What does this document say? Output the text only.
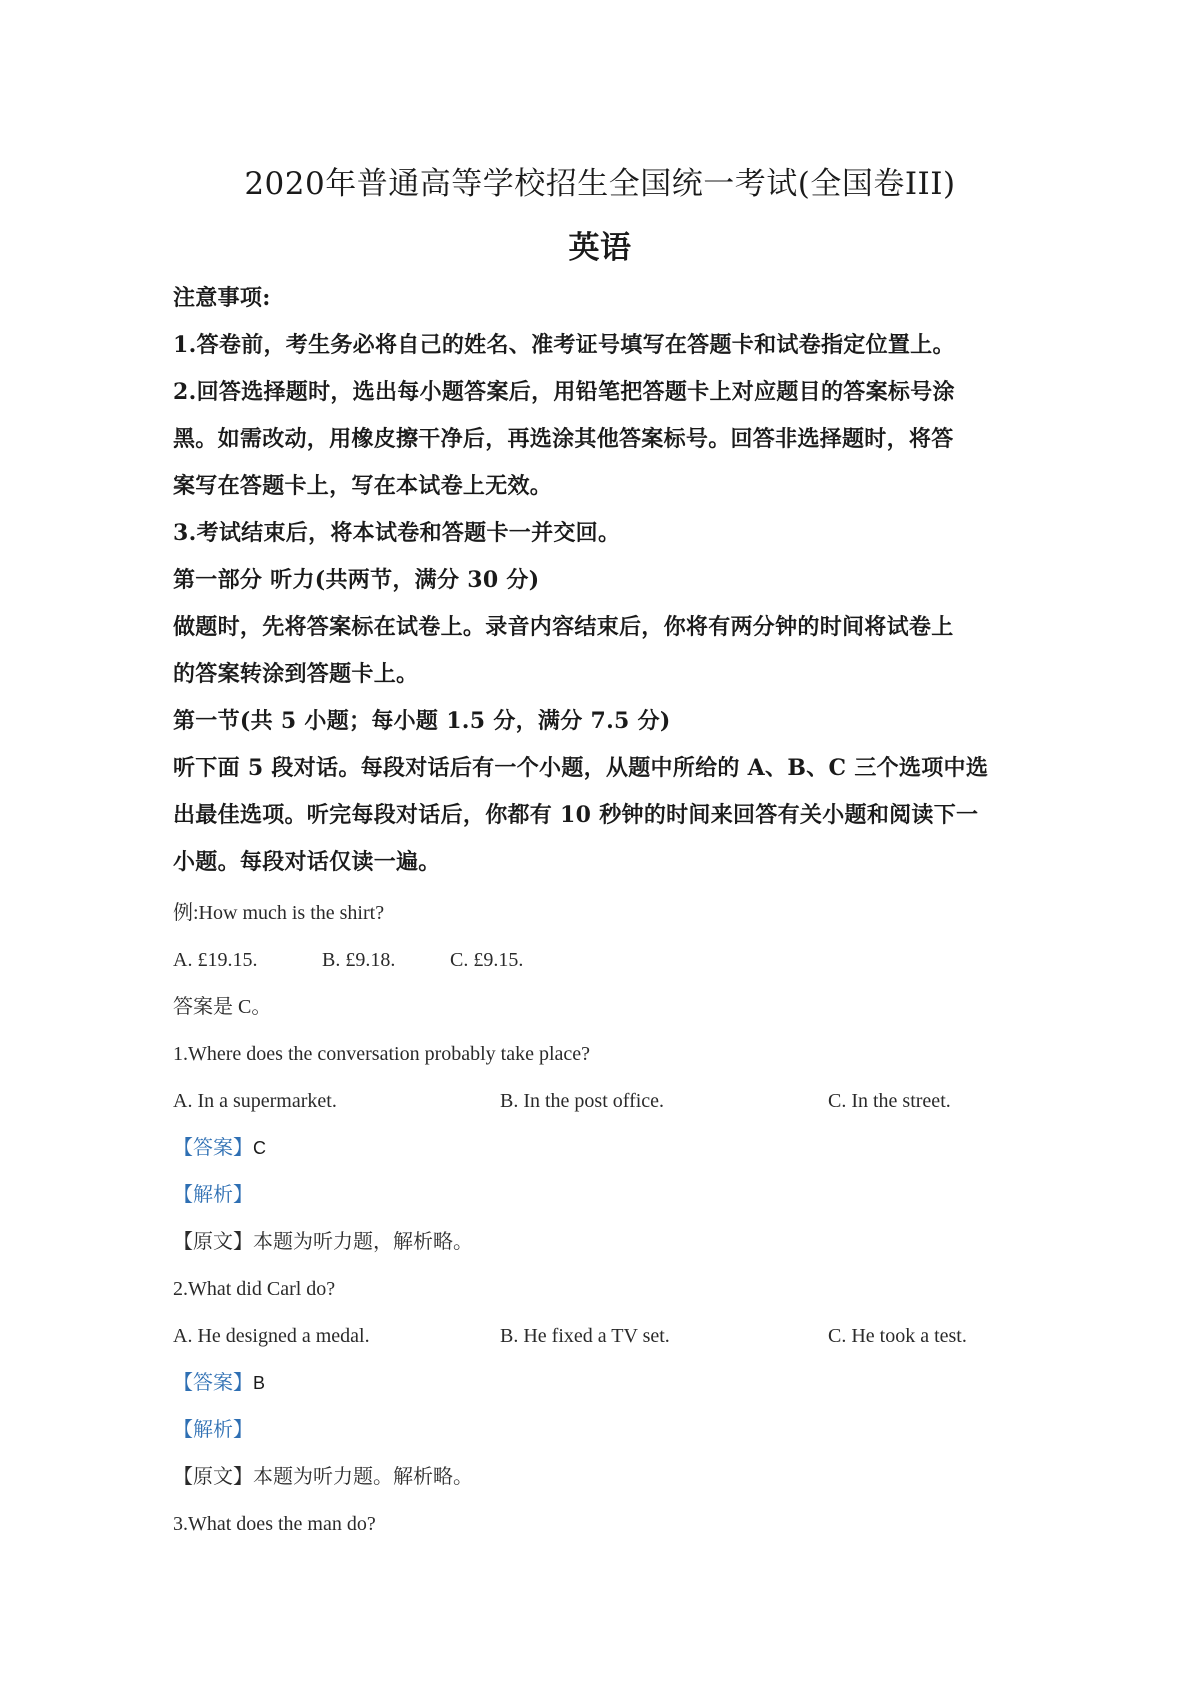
2020年普通高等学校招生全国统一考试(全国卷III)
英语
注意事项:
1.答卷前，考生务必将自己的姓名、准考证号填写在答题卡和试卷指定位置上。
2.回答选择题时，选出每小题答案后，用铅笔把答题卡上对应题目的答案标号涂
黑。如需改动，用橡皮擦干净后，再选涂其他答案标号。回答非选择题时，将答
案写在答题卡上，写在本试卷上无效。
3.考试结束后，将本试卷和答题卡一并交回。
第一部分 听力(共两节，满分 30 分)
做题时，先将答案标在试卷上。录音内容结束后，你将有两分钟的时间将试卷上
的答案转涂到答题卡上。
第一节(共 5 小题；每小题 1.5 分，满分 7.5 分)
听下面 5 段对话。每段对话后有一个小题，从题中所给的 A、B、C 三个选项中选
出最佳选项。听完每段对话后，你都有 10 秒钟的时间来回答有关小题和阅读下一
小题。每段对话仅读一遍。
例:How much is the shirt?
A. £19.15.	B. £9.18.	C. £9.15.
答案是 C。
1.Where does the conversation probably take place?
A. In a supermarket.	B. In the post office.	C. In the street.
【答案】C
【解析】
【原文】本题为听力题，解析略。
2.What did Carl do?
A. He designed a medal.	B. He fixed a TV set.	C. He took a test.
【答案】B
【解析】
【原文】本题为听力题。解析略。
3.What does the man do?
